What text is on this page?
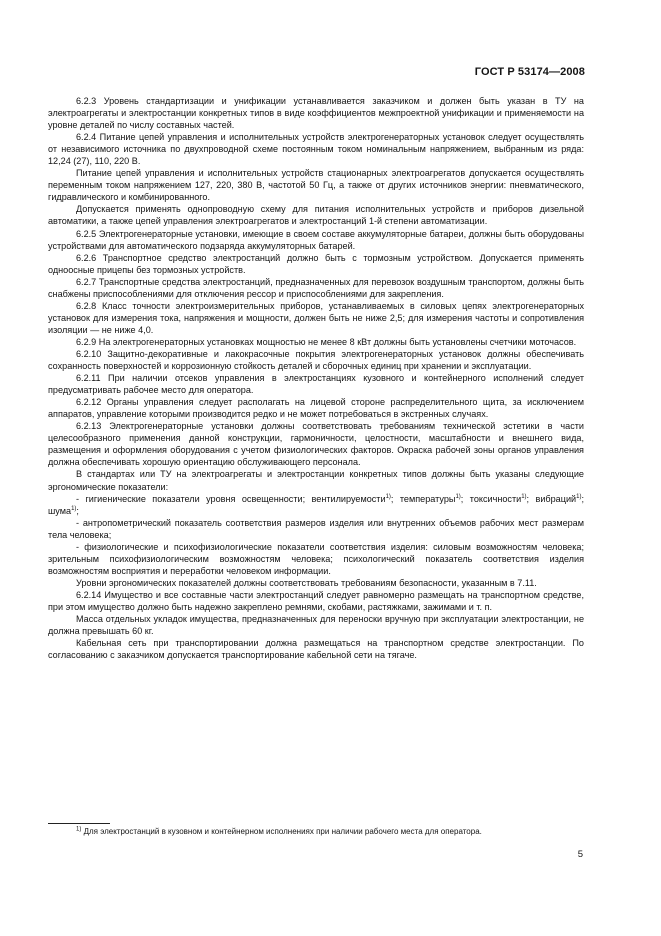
ГОСТ Р 53174—2008

6.2.3 Уровень стандартизации и унификации устанавливается заказчиком и должен быть указан в ТУ на электроагрегаты и электростанции конкретных типов в виде коэффициентов межпроектной унификации и применяемости на уровне деталей по числу составных частей.

6.2.4 Питание цепей управления и исполнительных устройств электрогенераторных установок следует осуществлять от независимого источника по двухпроводной схеме постоянным током номинальным напряжением, выбранным из ряда: 12,24 (27), 110, 220 В.

Питание цепей управления и исполнительных устройств стационарных электроагрегатов допускается осуществлять переменным током напряжением 127, 220, 380 В, частотой 50 Гц, а также от других источников энергии: пневматического, гидравлического и комбинированного.

Допускается применять однопроводную схему для питания исполнительных устройств и приборов дизельной автоматики, а также цепей управления электроагрегатов и электростанций 1-й степени автоматизации.

6.2.5 Электрогенераторные установки, имеющие в своем составе аккумуляторные батареи, должны быть оборудованы устройствами для автоматического подзаряда аккумуляторных батарей.

6.2.6 Транспортное средство электростанций должно быть с тормозным устройством. Допускается применять одноосные прицепы без тормозных устройств.

6.2.7 Транспортные средства электростанций, предназначенных для перевозок воздушным транспортом, должны быть снабжены приспособлениями для отключения рессор и приспособлениями для закрепления.

6.2.8 Класс точности электроизмерительных приборов, устанавливаемых в силовых цепях электрогенераторных установок для измерения тока, напряжения и мощности, должен быть не ниже 2,5; для измерения частоты и сопротивления изоляции — не ниже 4,0.

6.2.9 На электрогенераторных установках мощностью не менее 8 кВт должны быть установлены счетчики моточасов.

6.2.10 Защитно-декоративные и лакокрасочные покрытия электрогенераторных установок должны обеспечивать сохранность поверхностей и коррозионную стойкость деталей и сборочных единиц при хранении и эксплуатации.

6.2.11 При наличии отсеков управления в электростанциях кузовного и контейнерного исполнений следует предусматривать рабочее место для оператора.

6.2.12 Органы управления следует располагать на лицевой стороне распределительного щита, за исключением аппаратов, управление которыми производится редко и не может потребоваться в экстренных случаях.

6.2.13 Электрогенераторные установки должны соответствовать требованиям технической эстетики в части целесообразного применения данной конструкции, гармоничности, целостности, масштабности и внешнего вида, размещения и оформления оборудования с учетом физиологических факторов. Окраска рабочей зоны органов управления должна обеспечивать хорошую ориентацию обслуживающего персонала.

В стандартах или ТУ на электроагрегаты и электростанции конкретных типов должны быть указаны следующие эргономические показатели:

- гигиенические показатели уровня освещенности; вентилируемости$^{1)}$; температуры$^{1)}$; токсичности$^{1)}$; вибраций$^{1)}$; шума$^{1)}$;

- антропометрический показатель соответствия размеров изделия или внутренних объемов рабочих мест размерам тела человека;

- физиологические и психофизиологические показатели соответствия изделия: силовым возможностям человека; зрительным психофизиологическим возможностям человека; психологический показатель соответствия изделия возможностям восприятия и переработки человеком информации.

Уровни эргономических показателей должны соответствовать требованиям безопасности, указанным в 7.11.

6.2.14 Имущество и все составные части электростанций следует равномерно размещать на транспортном средстве, при этом имущество должно быть надежно закреплено ремнями, скобами, растяжками, зажимами и т. п.

Масса отдельных укладок имущества, предназначенных для переноски вручную при эксплуатации электростанции, не должна превышать 60 кг.

Кабельная сеть при транспортировании должна размещаться на транспортном средстве электростанции. По согласованию с заказчиком допускается транспортирование кабельной сети на тягаче.

$^{1)}$ Для электростанций в кузовном и контейнерном исполнениях при наличии рабочего места для оператора.
5
